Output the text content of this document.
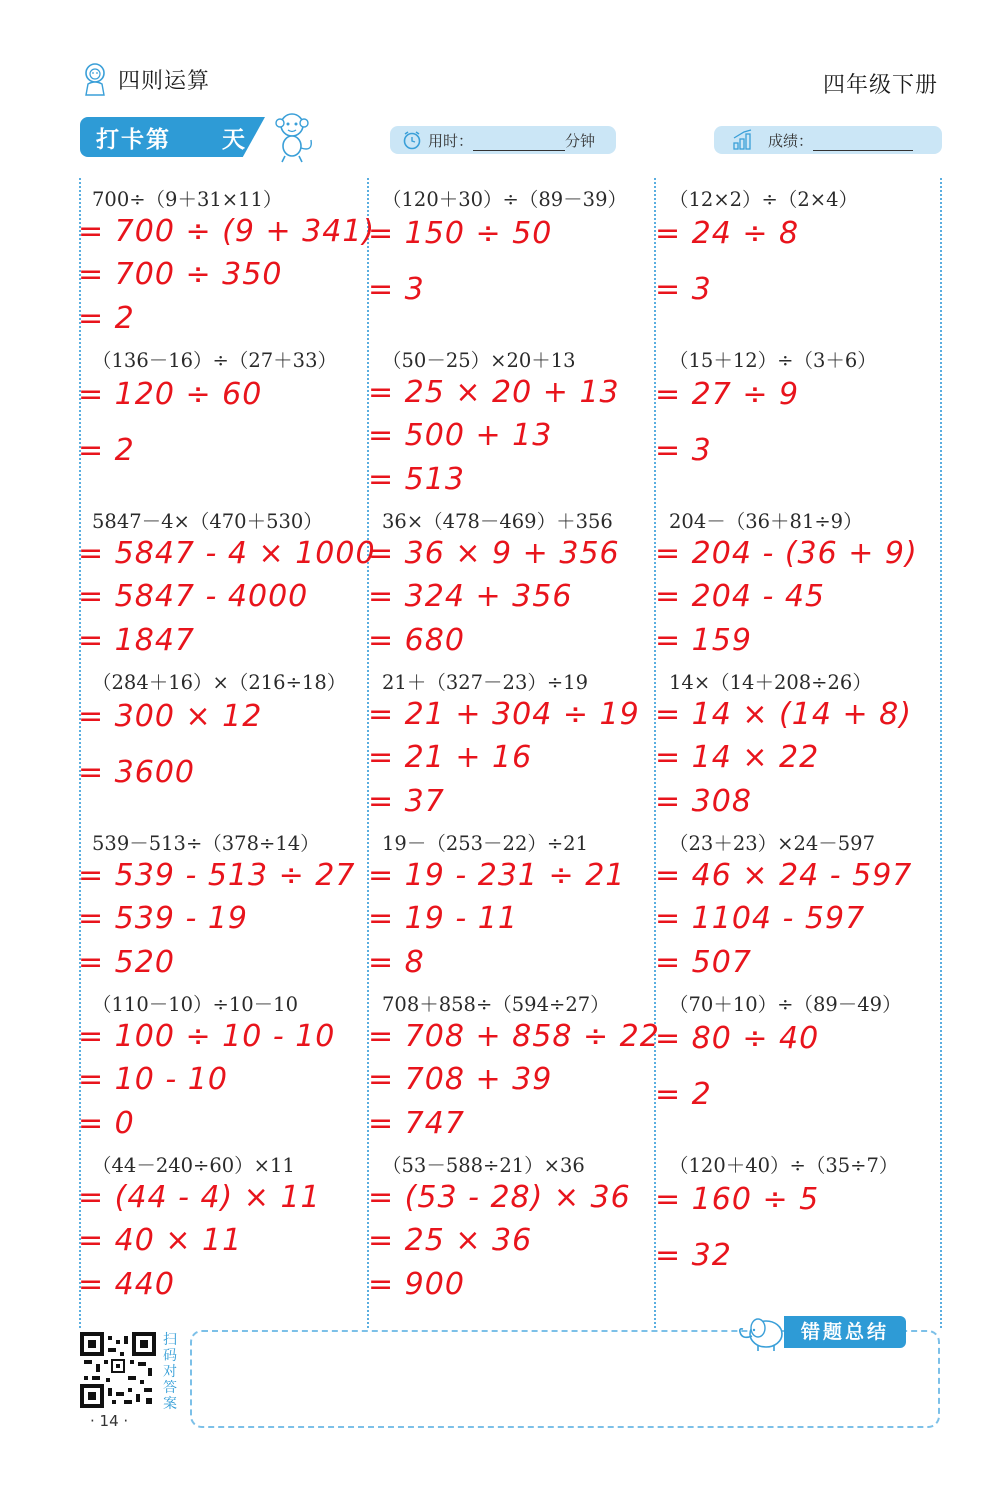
四则运算	四年级下册
打卡第 天	用时：	分钟	成绩：
700÷（9＋31×11）
= 700 ÷ (9 + 341)
= 700 ÷ 350
= 2
（120＋30）÷（89－39）
= 150 ÷ 50
= 3
（12×2）÷（2×4）
= 24 ÷ 8
= 3
（136－16）÷（27＋33）
= 120 ÷ 60
= 2
（50－25）×20＋13
= 25 × 20 + 13
= 500 + 13
= 513
（15＋12）÷（3＋6）
= 27 ÷ 9
= 3
5847－4×（470＋530）
= 5847 - 4 × 1000
= 5847 - 4000
= 1847
36×（478－469）＋356
= 36 × 9 + 356
= 324 + 356
= 680
204－（36＋81÷9）
= 204 - (36 + 9)
= 204 - 45
= 159
（284＋16）×（216÷18）
= 300 × 12
= 3600
21＋（327－23）÷19
= 21 + 304 ÷ 19
= 21 + 16
= 37
14×（14＋208÷26）
= 14 × (14 + 8)
= 14 × 22
= 308
539－513÷（378÷14）
= 539 - 513 ÷ 27
= 539 - 19
= 520
19－（253－22）÷21
= 19 - 231 ÷ 21
= 19 - 11
= 8
（23＋23）×24－597
= 46 × 24 - 597
= 1104 - 597
= 507
（110－10）÷10－10
= 100 ÷ 10 - 10
= 10 - 10
= 0
708＋858÷（594÷27）
= 708 + 858 ÷ 22
= 708 + 39
= 747
（70＋10）÷（89－49）
= 80 ÷ 40
= 2
（44－240÷60）×11
= (44 - 4) × 11
= 40 × 11
= 440
（53－588÷21）×36
= (53 - 28) × 36
= 25 × 36
= 900
（120＋40）÷（35÷7）
= 160 ÷ 5
= 32
扫码对答案
· 14 ·
错题总结
